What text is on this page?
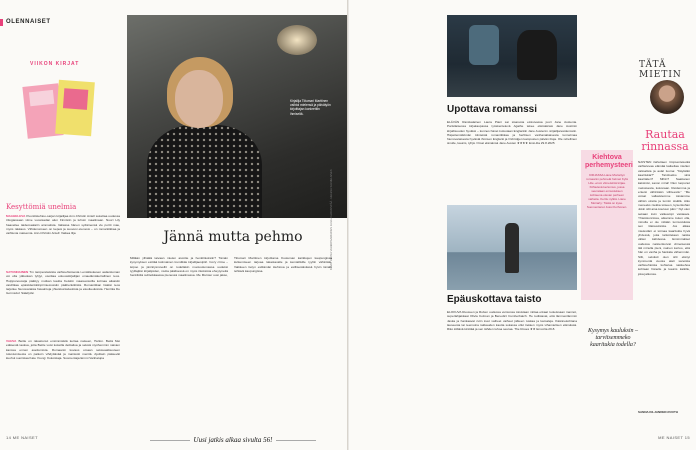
OLENNAISET
VIIKON KIRJAT
Kesyttömiä unelmia
MAAHELEVA Puuniitstehtoo-sarjan kirjailijaa Ann-Christin Antell sukeltaa uudessa trilogiassaan viime vuosisadan alun Finnisiin ja tuhoin maailmaan. Nuori Lily haaveilee taidemaalarin ammatista. Italiassa hänen sydämensä vie portti mau, myös rakkaus. Viihdenomaen on kepeä ja suuvesi etenevä – on romantiikkaa ja vaihtuvia maisemia. Ann-Christin Antell: Vaikea lilja
SATUNNAINEN Tm tamperelaisista vaihtoehtoisesta t-ensikkokesen aatteistoman voi olla yläluokan tyhjyt, osoittaa eskooskirjailijan omaelämäkerrallinen teos. Huippunoussija päättyy mutkan kautta Keiskin maasuosioilla kolmaa aikaisiin vaiviltkaa epäsiidenkkiinpirmiesvoisiin päähenkilöistä. Romantiikan lisäksi teos tarjoilee hienovaraisia havaintoja yhteiskuntaluokista ja etuoikeuksista. Henrika De Gormsdol: Säädytön
VAHVA Beitle on rakastunut ensimmäistä kertaa naiseen, Hellon. Beitä Mei etäisestä taukua, jotta Beitle voisi kokeilla deittailua ja seksiä myöhemmin naisten kanssa ennen asettumista. Romaanin kuvaus omaan seksuaalisuuteen tutustumisesta on paikoin vihdyttävää ja mainiosti menitä. Ajoittain pääsevät kuohut suoristaa Kate Young: Kukoistaja. Suomentaja Emmi Vanhatupa
Kirjailija Tiitumari Marttinen vaihtoi mielensä ja päivätyön kirjoittajan konkrettiin ihmiseltä.
KUVAT HENNA VAHERPAAKKUNEN JA ELLI HARJUNPÄÄ · HELENA SALMELAINEN
Jännä mutta pehmo
Millään ylhäälä taivaan mielen aivoitte ja henkirikoksiin? Tämän kysymyksen esittää kotimainen trendikäs kirjailijaesipiiri. Cozy crime – leipoo ja jännitysnovellit on todellakin muotoutumassa uudeksi tyylilajiksi kirjalijoiden, mutta päälisessä on myös rikoksista eheytyneitä henkilöitä suhteikkaassa pienessä maailmassa. Me Murster uusi jakso, Tiitumari Marttinen kirjoittama Kuoleman karikkojen kaupungissa kulkemiseen tarjoaa rakastavalle ja kemiallisille tyyliin vähintäin. Vaikkeen tietyn esittämän kiehtova ja esillisestävässä hyvin tämän tehtävä kaupungissa.
Uusi jatkis alkaa sivulta 56!
14 ME NAISET
Upottava romanssi
ELÄVÄN Ranskalainen Laura Piani sai sisaresta elokuvassa juuri Jane Austenia. Parisilaisessa kirjakaupassa työskentelevä Agathe tekee elämäänsä Jane Austinin kirjallisuuden hyväksi – kunnes hänet kutsutaan Englantiin Jane Austenin -kirjailijaresidenssiin. Häpeilemättömän kiinteistä romantiikkaa ja hertlisen vanhanaikaisesta tunnelmaa hienovaraisesta hyvästä ihmisen Englanti ja Oxbridgen kampusten päivän iltoja. Ole rehellinen sinulle, kaunis, tyhjä. Omat elämänsä Jane Austen ★★★★ Ensi-ilta 29.8.2025
Epäuskottava taisto
ELOKUVA Ruusuen ja Ruben uudessa versiossa toisistaan mittaa erkaat rooleissaan mannot, superlahjakkaat Olivia Colman ja Benedict Cumberbatch. He todistavat, että lämmenlämmin Jaska ja hankaavat rutin kuut vaiheet vaiheet jälkeen tuskaa ja kamaleja. Käännekohtana lauseesta tai teemoina rakkauden kautta sokassa ollut tietäen myös vihamielisen elämässä. Riko kiiltävä kinittää ja sen tähden tuhoa seuraa. The Roses ★★ Ensi-ilta 29.8.
Kiehtova perhemysteeri
KIRJASSA Liane Moriartyn romaanin pehmeät helmet Kylä Lilie -ervoi viimeisintä kirjaa. Kiihtelevä kertomus, jossa seurataan ennustuksen kohteena olevan perheen vaiheita. Kerttu nylkiä. Liane Moriarty: Tästä on kyse. Suomentanut Jussi Korhonen.
Kysymys kauluksin – tarvitsemmeko kaaritukia todella?
TÄTÄ MIETIN
Rautaa rinnassa
NAISTEN ilahuttaen rimpsentelevää vaihtelevaa elämää kaikeltaa mielten valioalisia ja aulal luuma: "Käytätkö kaaritukia?" Tarvitsetko sinä kaaritalen? Mihin? Saattanen kaksinisi, sanon minä! Olen luopunut mekoisesta, kokonaan. Reidemma ja enteisi vähintään viihteestä." "Me voisat valkaistemme toisiamme vähän oireita ja tunnin sisällä. Aiku meneeks niekka toiseen, kysenkohan Jokin silti aina kouluun päin." Nyt olen sekaan kuin vaikeampi vastaava. Yhteiskunnissa, aikamme kuten olla, minulla ei ole mitään tunnustuksia sen tilaisuuksista. Jos alkaa mielestäni ei toimaa kaaritukia hyvä yhdessä, joka tarkoitetaan naista välien kahdessa. Ensimmäiset uudessa naistenkorvat viimeisessä täti minulla pieni, nainen kertoo, että hän on vanha ja hankala vähemmän. Silti, selvästi olen silti elänyt kymmeniä vuosia alati sanoista vaihtoehtoista kohtelua naiskehoa kohtaan hänelle ja kaunis kaikille, joka jatkossa.
SANNA KILJANDER-RUUTH
ME NAISET 15
